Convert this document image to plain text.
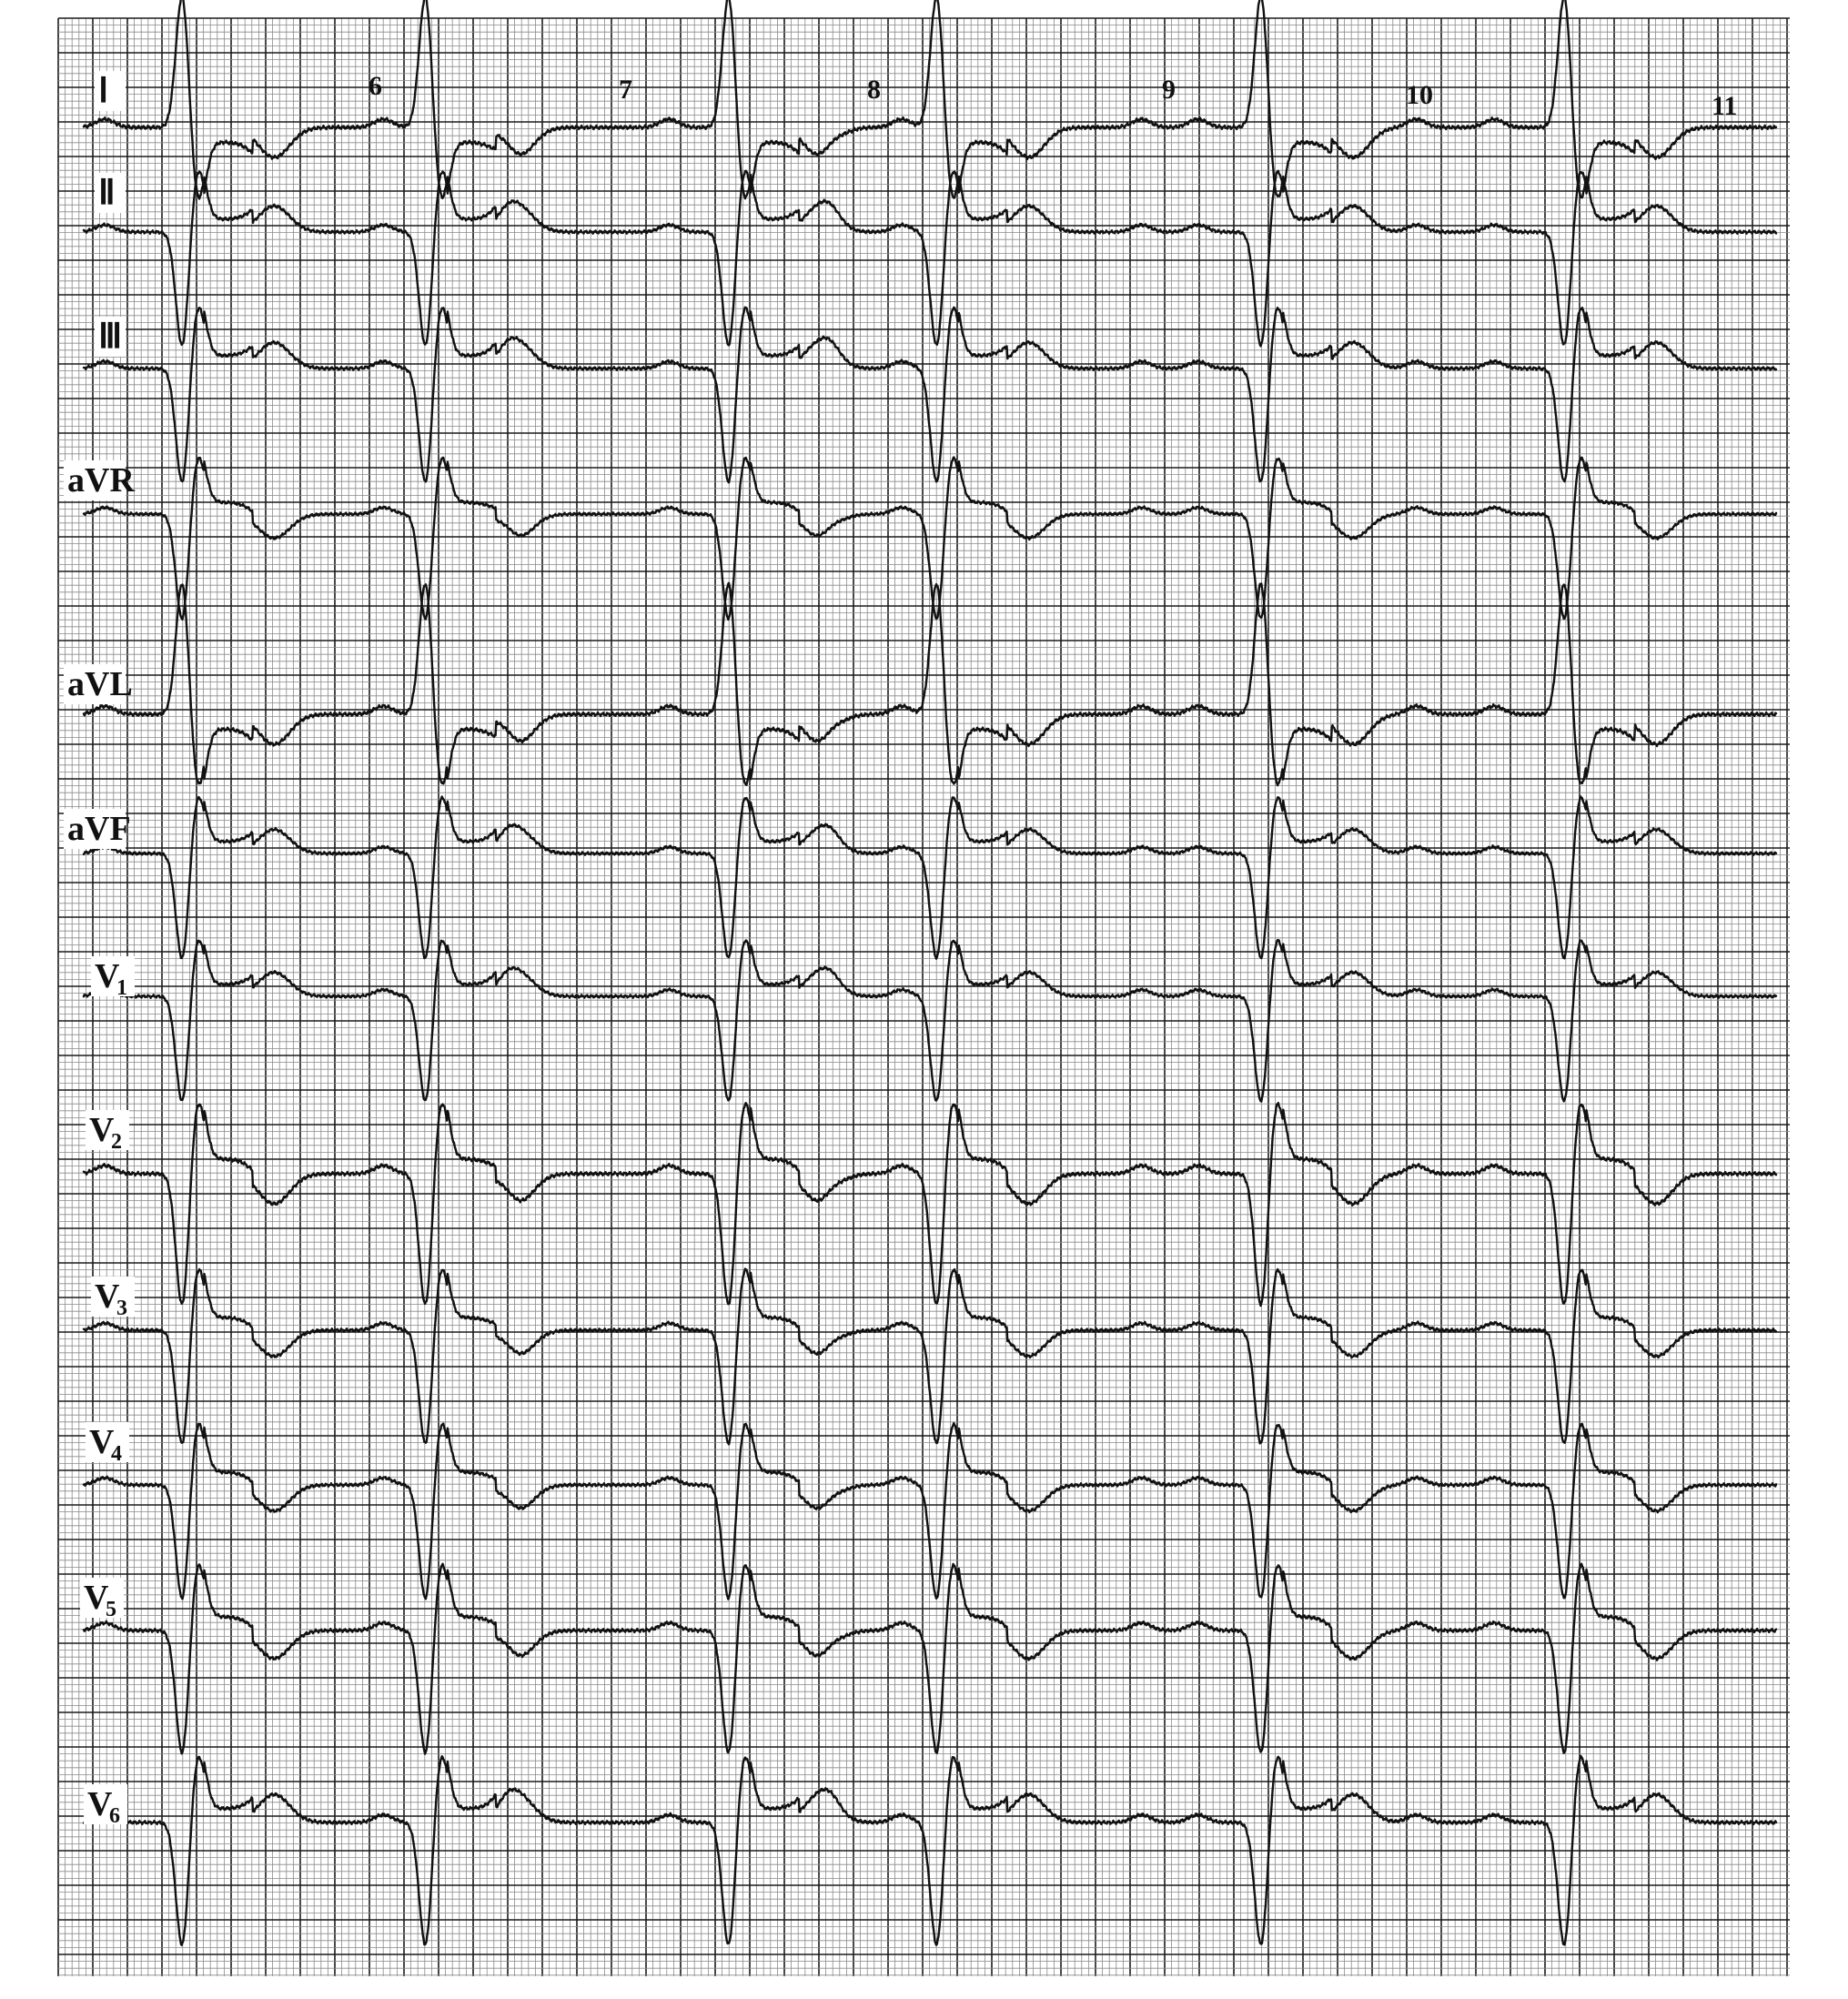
Ⅰ
Ⅱ
Ⅲ
aVR
aVL
aVF
V
1
V
2
V
3
V
4
V
5
V
6
6	7	8	9	10	11
